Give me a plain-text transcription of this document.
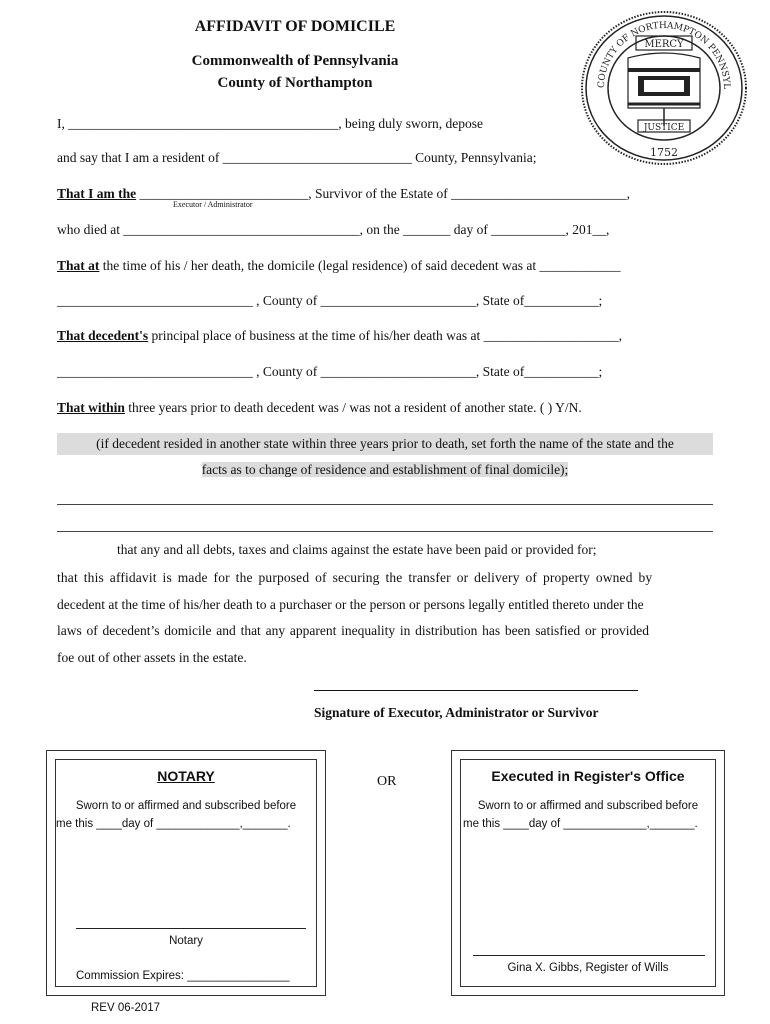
AFFIDAVIT OF DOMICILE
Commonwealth of Pennsylvania
County of Northampton	COUNTY OF NORTHAMPTON PENNSYL
MERCY
JUSTICE
1752
I, ________________________________________, being duly sworn, depose
and say that I am a resident of ____________________________ County, Pennsylvania;
That I am the _________________________, Survivor of the Estate of __________________________,
Executor / Administrator
who died at ___________________________________, on the _______ day of ___________, 201__,
That at the time of his / her death, the domicile (legal residence) of said decedent was at ____________
_____________________________ , County of _______________________, State of___________;
That decedent's principal place of business at the time of his/her death was at ____________________,
_____________________________ , County of _______________________, State of___________;
That within three years prior to death decedent was / was not a resident of another state. ( ) Y/N.
(if decedent resided in another state within three years prior to death, set forth the name of the state and the
facts as to change of residence and establishment of final domicile);
that any and all debts, taxes and claims against the estate have been paid or provided for;
that this affidavit is made for the purposed of securing the transfer or delivery of property owned by
decedent at the time of his/her death to a purchaser or the person or persons legally entitled thereto under the
laws of decedent’s domicile and that any apparent inequality in distribution has been satisfied or provided
foe out of other assets in the estate.
Signature of Executor, Administrator or Survivor
NOTARY
Sworn to or affirmed and subscribed before
me this ____day of _____________,_______.
Notary
Commission Expires: ________________
OR	Executed in Register's Office
Sworn to or affirmed and subscribed before
me this ____day of _____________,_______.
Gina X. Gibbs, Register of Wills
REV 06-2017
